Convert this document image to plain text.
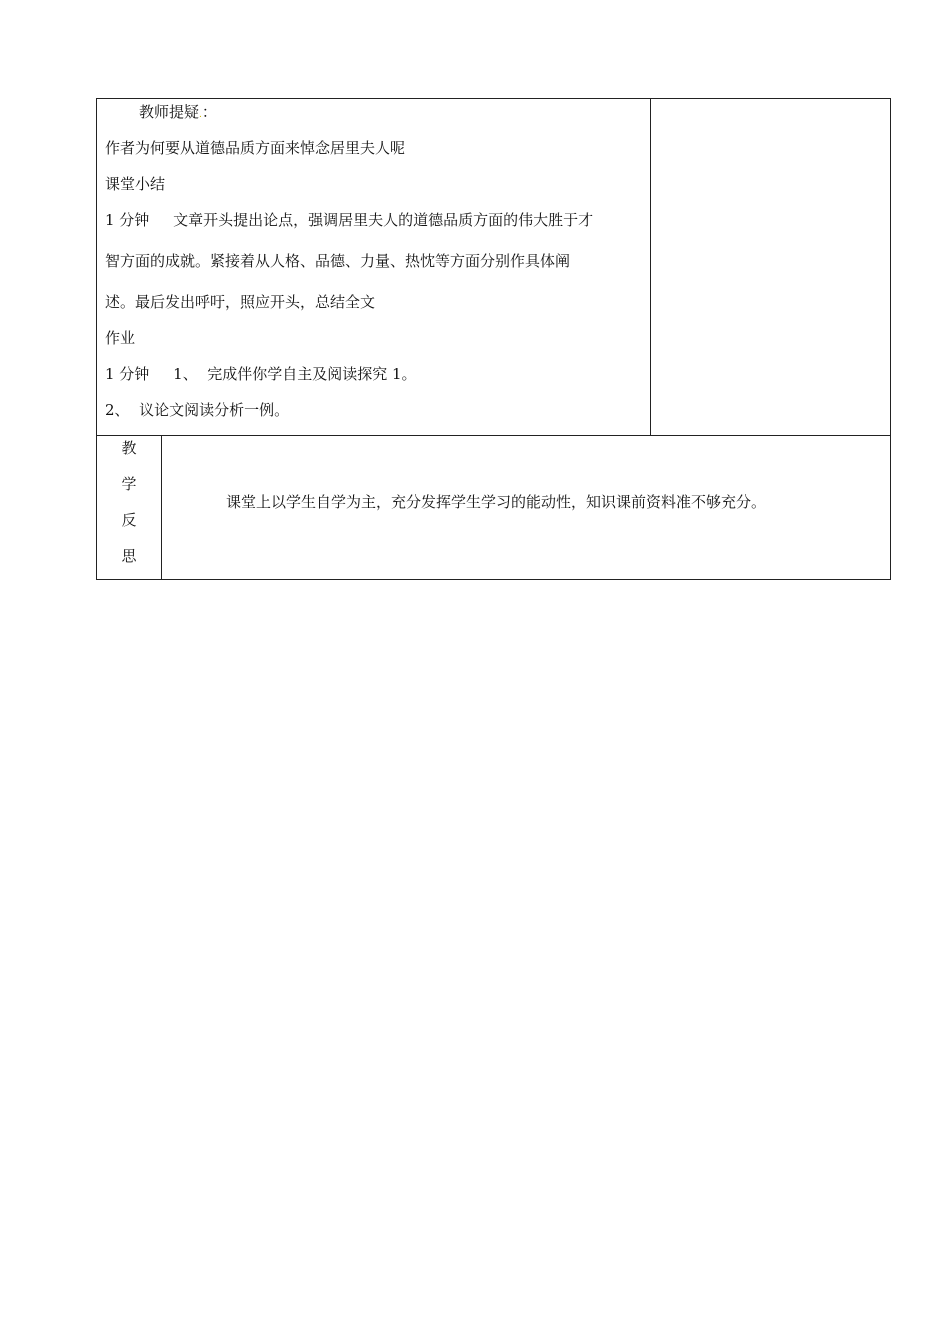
教师提疑.：
作者为何要从道德品质方面来悼念居里夫人呢
课堂小结
1 分钟     文章开头提出论点，强调居里夫人的道德品质方面的伟大胜于才
智方面的成就。紧接着从人格、品德、力量、热忱等方面分别作具体阐
述。最后发出呼吁，照应开头，总结全文
作业
1 分钟     1、  完成伴你学自主及阅读探究 1。
2、  议论文阅读分析一例。
教
学
反
思
课堂上以学生自学为主，充分发挥学生学习的能动性，知识课前资料准不够充分。
